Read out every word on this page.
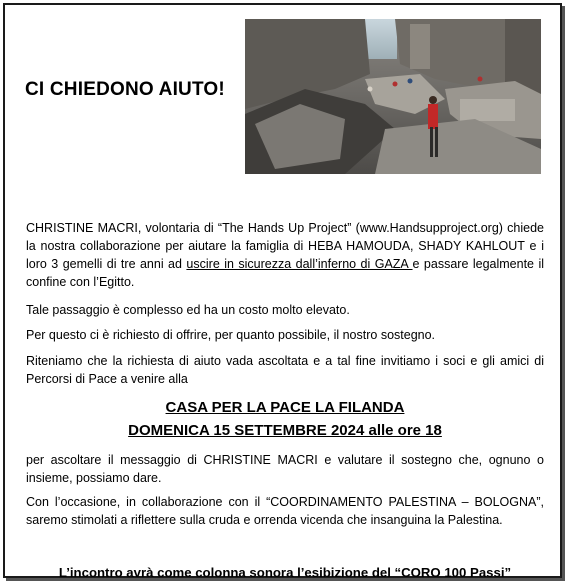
CI CHIEDONO AIUTO!
CHRISTINE MACRI, volontaria di “The Hands Up Project” (www.Handsupproject.org) chiede la nostra collaborazione per aiutare la famiglia di HEBA HAMOUDA, SHADY KAHLOUT e i loro 3 gemelli di tre anni ad uscire in sicurezza dall’inferno di GAZA e passare legalmente il confine con l’Egitto.
Tale passaggio è complesso ed ha un costo molto elevato.
Per questo ci è richiesto di offrire, per quanto possibile, il nostro sostegno.
Riteniamo che la richiesta di aiuto vada ascoltata e a tal fine invitiamo i soci e gli amici di Percorsi di Pace a venire alla
CASA PER LA PACE LA FILANDA
DOMENICA 15 SETTEMBRE 2024 alle ore 18
per ascoltare il messaggio di CHRISTINE MACRI e valutare il sostegno che, ognuno o insieme, possiamo dare.
Con l’occasione, in collaborazione con il “COORDINAMENTO PALESTINA – BOLOGNA”, saremo stimolati a riflettere sulla cruda e orrenda vicenda che insanguina la Palestina.
L’incontro avrà come colonna sonora l’esibizione del “CORO 100 Passi”
